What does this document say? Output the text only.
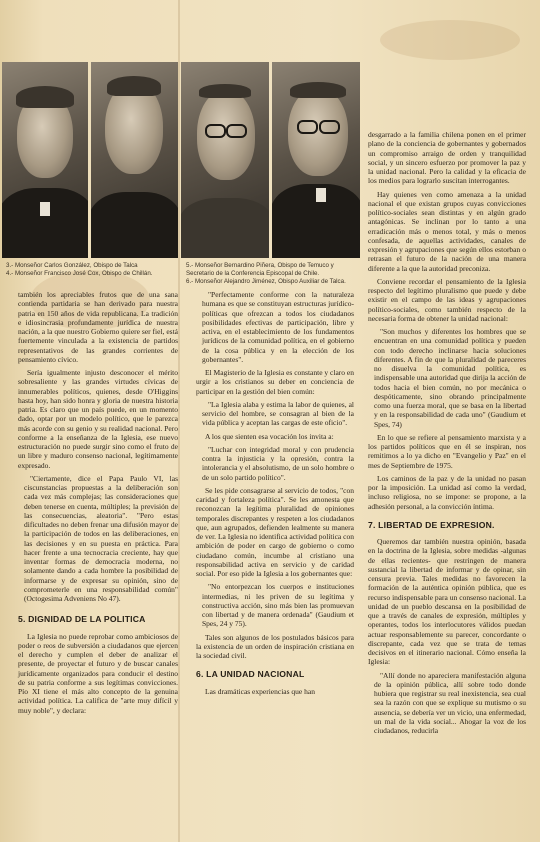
3.- Monseñor Carlos González, Obispo de Talca
4.- Monseñor Francisco José Cox, Obispo de Chillán.
5.- Monseñor Bernardino Piñera, Obispo de Temuco y Secretario de la Conferencia Episcopal de Chile.
6.- Monseñor Alejandro Jiménez, Obispo Auxiliar de Talca.

también los apreciables frutos que de una sana contienda partidaria se han derivado para nuestra patria en 150 años de vida republicana. La tradición e idiosincrasia profundamente jurídica de nuestra nación, a la que nuestro Gobierno quiere ser fiel, está fuertemente vinculada a la existencia de partidos representativos de las grandes corrientes de pensamiento cívico.

Sería igualmente injusto desconocer el mérito sobresaliente y las grandes virtudes cívicas de innumerables políticos, quienes, desde O'Higgins hasta hoy, han sido honra y gloria de nuestra historia patria. Es claro que un país puede, en un momento dado, optar por un modelo político, que le parezca más acorde con su genio y su realidad nacional. Pero conforme a la enseñanza de la Iglesia, ese nuevo estructuración no puede surgir sino como el fruto de un libre y maduro consenso nacional, legítimamente expresado.

"Ciertamente, dice el Papa Paulo VI, las ciscunstancias propuestas a la deliberación son cada vez más complejas; las consideraciones que deben tenerse en cuenta, múltiples; la previsión de las consecuencias, aleatoria". "Pero estas dificultades no deben frenar una difusión mayor de la participación de todos en las deliberaciones, en las decisiones y en su puesta en práctica. Para hacer frente a una tecnocracia creciente, hay que inventar formas de democracia moderna, no solamente dando a cada hombre la posibilidad de informarse y de expresar su opinión, sino de comprometerle en una responsabilidad común" (Octogesima Adveniens No 47).

5. DIGNIDAD DE LA POLITICA

La Iglesia no puede reprobar como ambiciosos de poder o reos de subversión a ciudadanos que ejercen el derecho y cumplen el deber de analizar el presente, de proyectar el futuro y de buscar canales jurídicamente organizados para conducir el destino de su patria conforme a sus legítimas convicciones. Pío XI tiene el más alto concepto de la genuina actividad política. La califica de "arte muy difícil y muy noble", y declara:

"Perfectamente conforme con la naturaleza humana es que se constituyan estructuras jurídico-políticas que ofrezcan a todos los ciudadanos posibilidades efectivas de participación, libre y activa, en el establecimiento de los fundamentos jurídicos de la comunidad política, en el gobierno de la cosa pública y en la elección de los gobernantes".

El Magisterio de la Iglesia es constante y claro en urgir a los cristianos su deber en conciencia de participar en la gestión del bien común:

"La Iglesia alaba y estima la labor de quienes, al servicio del hombre, se consagran al bien de la vida pública y aceptan las cargas de este oficio".

A los que sienten esa vocación los invita a:

"Luchar con integridad moral y con prudencia contra la injusticia y la opresión, contra la intolerancia y el absolutismo, de un solo hombre o de un solo partido político".

Se les pide consagrarse al servicio de todos, "con caridad y fortaleza política". Se les amonesta que reconozcan la legítima pluralidad de opiniones temporales discrepantes y respeten a los ciudadanos que, aun agrupados, defienden lealmente su manera de ver. La Iglesia no identifica actividad política con ambición de poder en cargo de gobierno o como ciudadano común, incumbe al cristiano una responsabilidad activa en servicio y de caridad social. Por eso pide la Iglesia a los gobernantes que:

"No entorpezcan los cuerpos e instituciones intermedias, ni les priven de su legítima y constructiva acción, sino más bien las promuevan con libertad y de manera ordenada" (Gaudium et Spes, 24 y 75).

Tales son algunos de los postulados básicos para la existencia de un orden de inspiración cristiana en la sociedad civil.

6. LA UNIDAD NACIONAL

Las dramáticas experiencias que han

desgarrado a la familia chilena ponen en el primer plano de la conciencia de gobernantes y gobernados un compromiso arraigo de orden y tranquilidad social, y un sincero esfuerzo por promover la paz y la unidad nacional. Pero la calidad y la eficacia de los medios para lograrlo suscitan interrogantes.

Hay quienes ven como amenaza a la unidad nacional el que existan grupos cuyas convicciones político-sociales sean distintas y en algún grado antagónicas. Se inclinan por lo tanto a una erradicación más o menos total, y más o menos confesada, de aquellas actividades, canales de expresión y agrupaciones que según ellos estorban o retrasan el futuro de la nación de una manera diferente a la que la autoridad preconiza.

Conviene recordar el pensamiento de la Iglesia respecto del legítimo pluralismo que puede y debe existir en el campo de las ideas y agrupaciones político-sociales, como también respecto de la necesaria forma de obtener la unidad nacional:

"Son muchos y diferentes los hombres que se encuentran en una comunidad política y pueden con todo derecho inclinarse hacia soluciones diferentes. A fin de que la pluralidad de pareceres no disuelva la comunidad política, es indispensable una autoridad que dirija la acción de todos hacia el bien común, no por mecánica o despóticamente, sino obrando principalmente como una fuerza moral, que se basa en la libertad y en la responsabilidad de cada uno" (Gaudium et Spes, 74)

En lo que se refiere al pensamiento marxista y a los partidos políticos que en él se inspiran, nos remitimos a lo ya dicho en "Evangelio y Paz" en el mes de Septiembre de 1975.

Los caminos de la paz y de la unidad no pasan por la imposición. La unidad así como la verdad, incluso religiosa, no se impone: se propone, a la adhesión personal, a la convicción íntima.

7. LIBERTAD DE EXPRESION.

Queremos dar también nuestra opinión, basada en la doctrina de la Iglesia, sobre medidas -algunas de ellas recientes- que restringen de manera sustancial la libertad de informar y de opinar, sin censura previa. Tales medidas no favorecen la formación de la auténtica opinión pública, que es recurso indispensable para un consenso nacional. La unidad de un pueblo descansa en la posibilidad de que a través de canales de expresión, múltiples y operantes, todos los interlocutores válidos puedan actuar responsablemente su parecer, concordante o discrepante, cada vez que se trata de temas decisivos en el itinerario nacional. Cómo enseña la Iglesia:

"Allí donde no apareciera manifestación alguna de la opinión pública, allí sobre todo donde hubiera que registrar su real inexistencia, sea cual sea la razón con que se explique su mutismo o su ausencia, se debería ver un vicio, una enfermedad, un mal de la vida social... Ahogar la voz de los ciudadanos, reducirla
